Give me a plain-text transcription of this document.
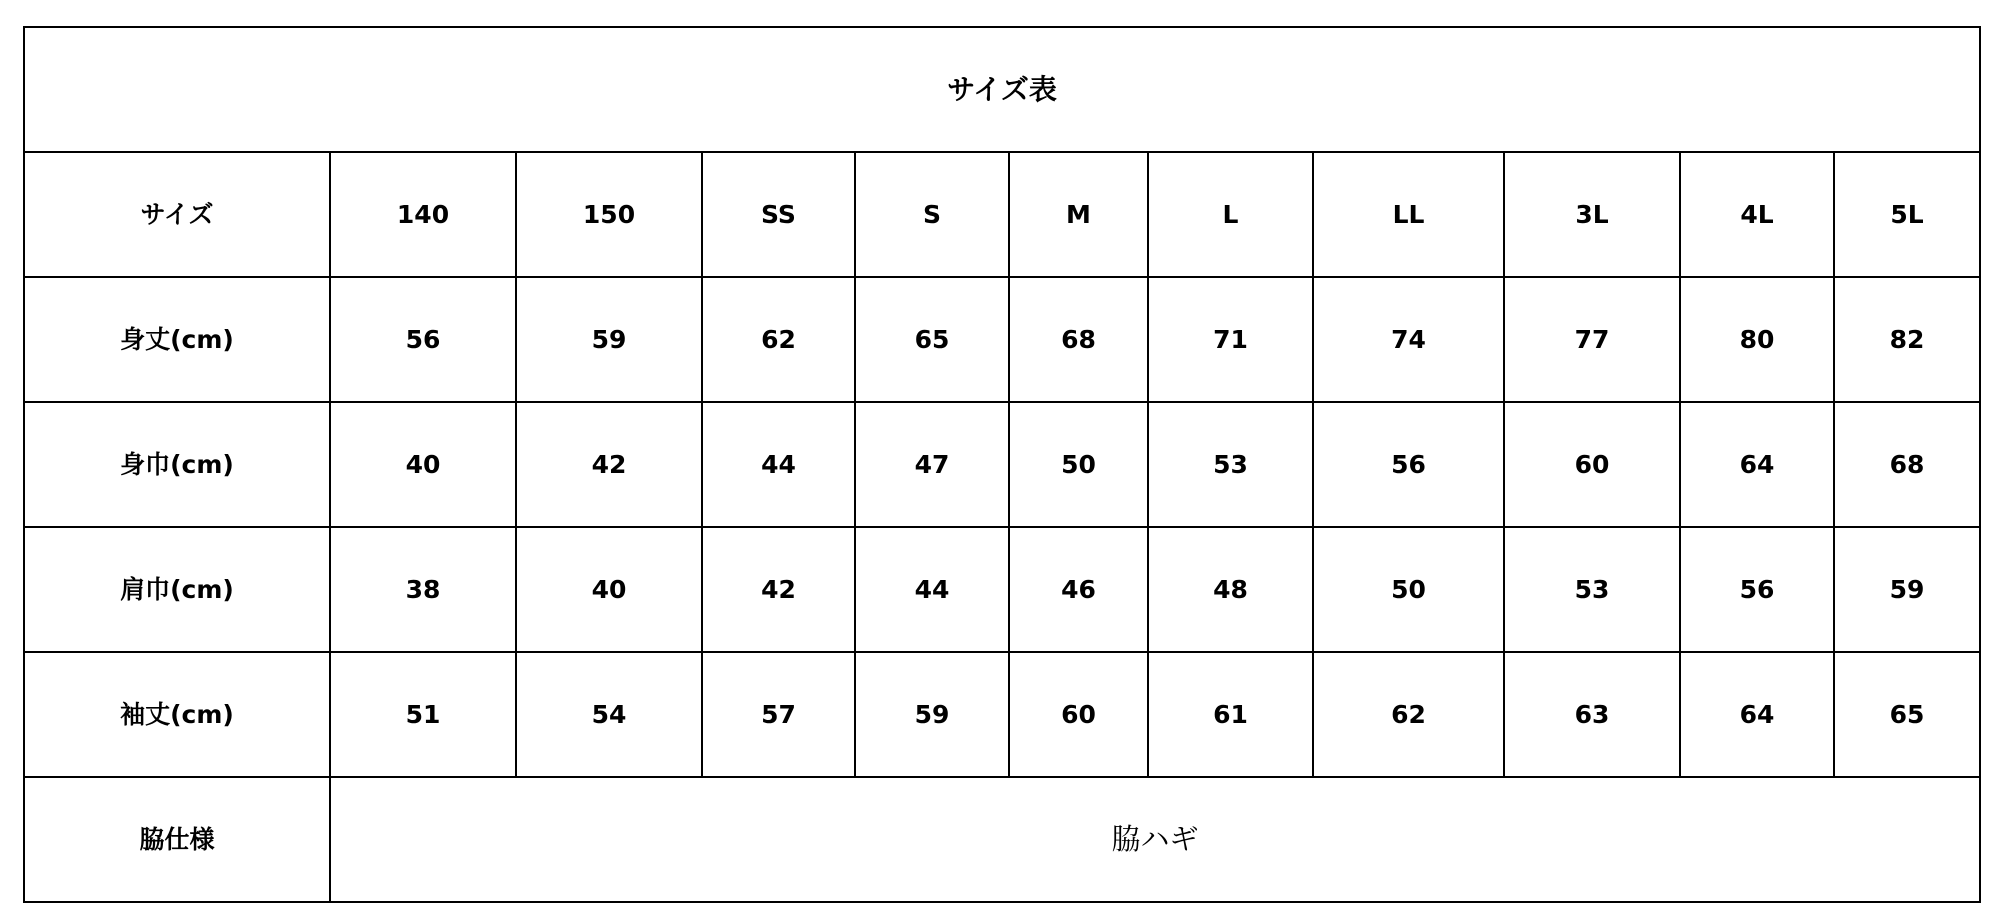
サイズ表										
サイズ	140	150	SS	S	M	L	LL	3L	4L	5L
身丈(cm)	56	59	62	65	68	71	74	77	80	82
身巾(cm)	40	42	44	47	50	53	56	60	64	68
肩巾(cm)	38	40	42	44	46	48	50	53	56	59
袖丈(cm)	51	54	57	59	60	61	62	63	64	65
脇仕様	脇ハギ									
